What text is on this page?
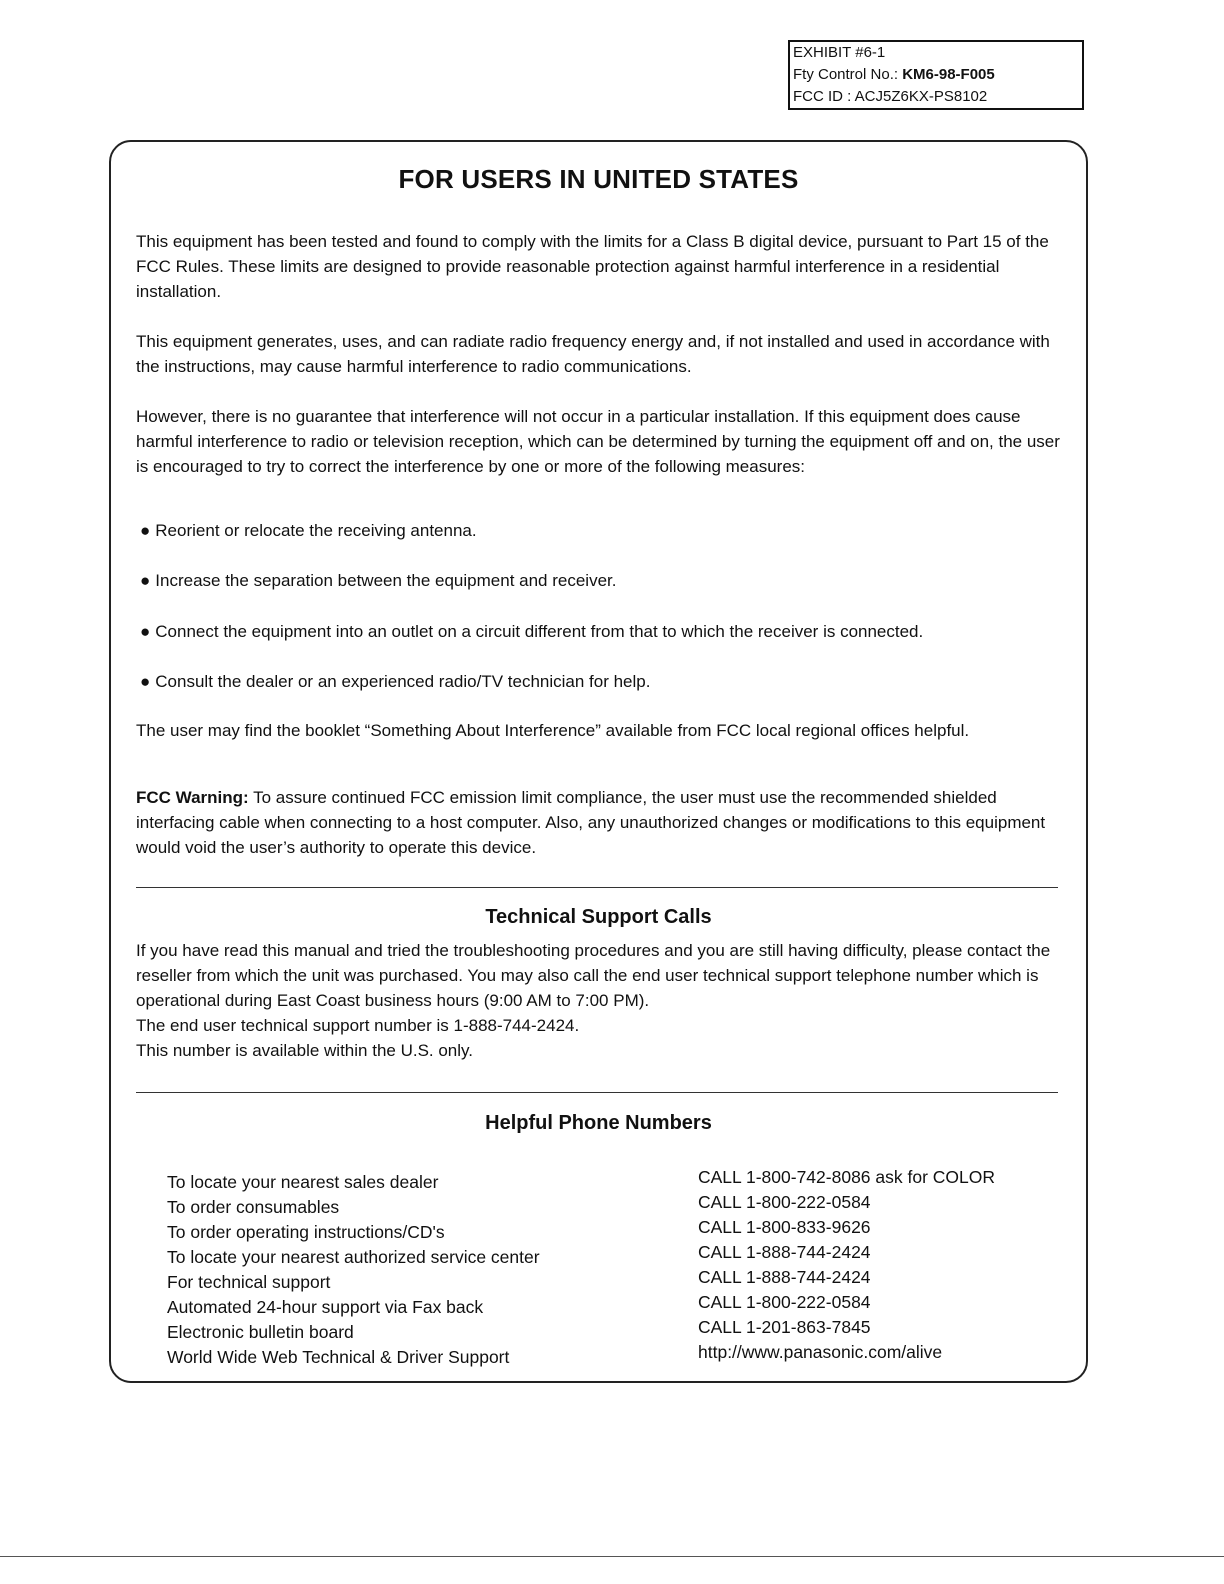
EXHIBIT #6-1
Fty Control No.: KM6-98-F005
FCC ID : ACJ5Z6KX-PS8102
FOR USERS IN UNITED STATES

This equipment has been tested and found to comply with the limits for a Class B digital device, pursuant to Part 15 of the FCC Rules. These limits are designed to provide reasonable protection against harmful interference in a residential installation.

This equipment generates, uses, and can radiate radio frequency energy and, if not installed and used in accordance with the instructions, may cause harmful interference to radio communications.

However, there is no guarantee that interference will not occur in a particular installation. If this equipment does cause harmful interference to radio or television reception, which can be determined by turning the equipment off and on, the user is encouraged to try to correct the interference by one or more of the following measures:

● Reorient or relocate the receiving antenna.
● Increase the separation between the equipment and receiver.
● Connect the equipment into an outlet on a circuit different from that to which the receiver is connected.
● Consult the dealer or an experienced radio/TV technician for help.

The user may find the booklet “Something About Interference” available from FCC local regional offices helpful.

FCC Warning: To assure continued FCC emission limit compliance, the user must use the recommended shielded interfacing cable when connecting to a host computer. Also, any unauthorized changes or modifications to this equipment would void the user’s authority to operate this device.

Technical Support Calls

If you have read this manual and tried the troubleshooting procedures and you are still having difficulty, please contact the reseller from which the unit was purchased. You may also call the end user technical support telephone number which is operational during East Coast business hours (9:00 AM to 7:00 PM).
The end user technical support number is 1-888-744-2424.
This number is available within the U.S. only.

Helpful Phone Numbers
To locate your nearest sales dealer	CALL 1-800-742-8086 ask for COLOR
To order consumables	CALL 1-800-222-0584
To order operating instructions/CD's	CALL 1-800-833-9626
To locate your nearest authorized service center	CALL 1-888-744-2424
For technical support	CALL 1-888-744-2424
Automated 24-hour support via Fax back	CALL 1-800-222-0584
Electronic bulletin board	CALL 1-201-863-7845
World Wide Web Technical & Driver Support	http://www.panasonic.com/alive
